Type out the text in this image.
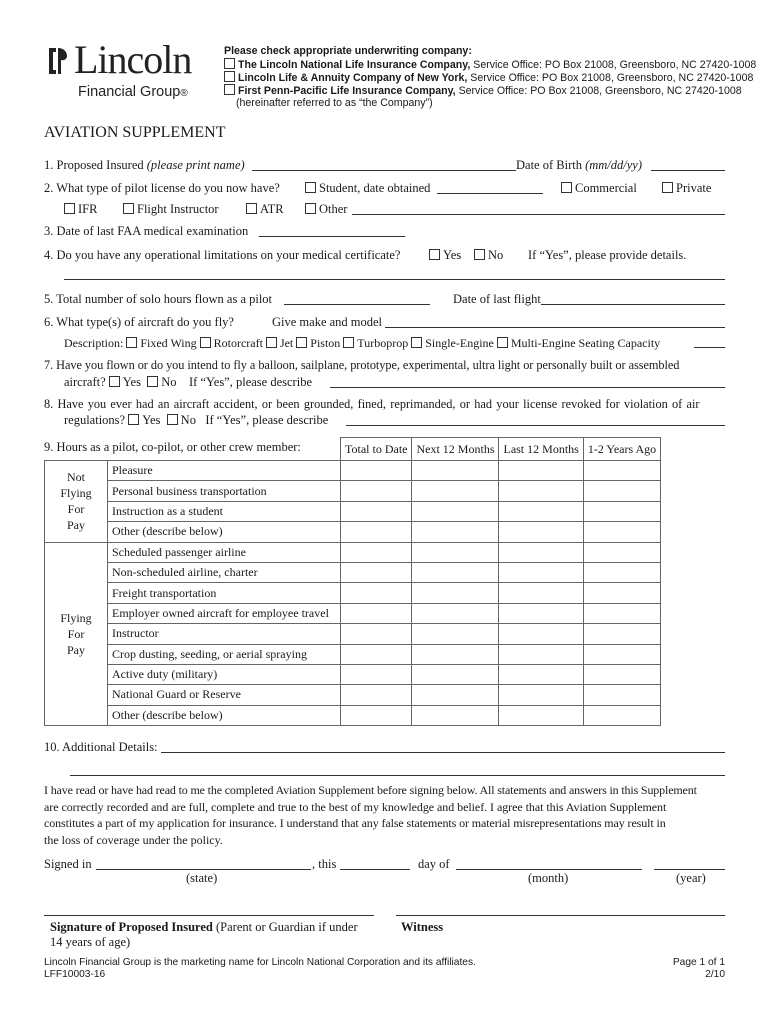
Lincoln
Financial Group®
Please check appropriate underwriting company:
The Lincoln National Life Insurance Company, Service Office: PO Box 21008, Greensboro, NC 27420-1008
Lincoln Life & Annuity Company of New York, Service Office: PO Box 21008, Greensboro, NC 27420-1008
First Penn-Pacific Life Insurance Company, Service Office: PO Box 21008, Greensboro, NC 27420-1008
(hereinafter referred to as “the Company”)
AVIATION SUPPLEMENT
1. Proposed Insured (please print name)	Date of Birth (mm/dd/yy)
2. What type of pilot license do you now have?	Student, date obtained	Commercial	Private
IFR	Flight Instructor	ATR	Other
3. Date of last FAA medical examination
4. Do you have any operational limitations on your medical certificate?	Yes	No If “Yes”, please provide details.
5. Total number of solo hours flown as a pilot	Date of last flight
6. What type(s) of aircraft do you fly?	Give make and model
Description: Fixed Wing Rotorcraft Jet Piston Turboprop Single-Engine Multi-Engine Seating Capacity
7. Have you flown or do you intend to fly a balloon, sailplane, prototype, experimental, ultra light or personally built or assembled
aircraft? Yes No If “Yes”, please describe
8. Have you ever had an aircraft accident, or been grounded, fined, reprimanded, or had your license revoked for violation of air
regulations? Yes No If “Yes”, please describe
9. Hours as a pilot, co-pilot, or other crew member:
			Total to Date	Next 12 Months	Last 12 Months	1-2 Years Ago
Not
Flying
For
Pay	Pleasure				
	Personal business transportation				
	Instruction as a student				
	Other (describe below)				
Flying
For
Pay	Scheduled passenger airline				
	Non-scheduled airline, charter				
	Freight transportation				
	Employer owned aircraft for employee travel				
	Instructor				
	Crop dusting, seeding, or aerial spraying				
	Active duty (military)				
	National Guard or Reserve				
	Other (describe below)				
10. Additional Details:
I have read or have had read to me the completed Aviation Supplement before signing below. All statements and answers in this Supplement
are correctly recorded and are full, complete and true to the best of my knowledge and belief. I agree that this Aviation Supplement
constitutes a part of my application for insurance. I understand that any false statements or material misrepresentations may result in
the loss of coverage under the policy.
Signed in	, this	day of
(state)	(month)	(year)
Signature of Proposed Insured (Parent or Guardian if under
14 years of age)
Witness
Lincoln Financial Group is the marketing name for Lincoln National Corporation and its affiliates.
LFF10003-16
Page 1 of 1
2/10
